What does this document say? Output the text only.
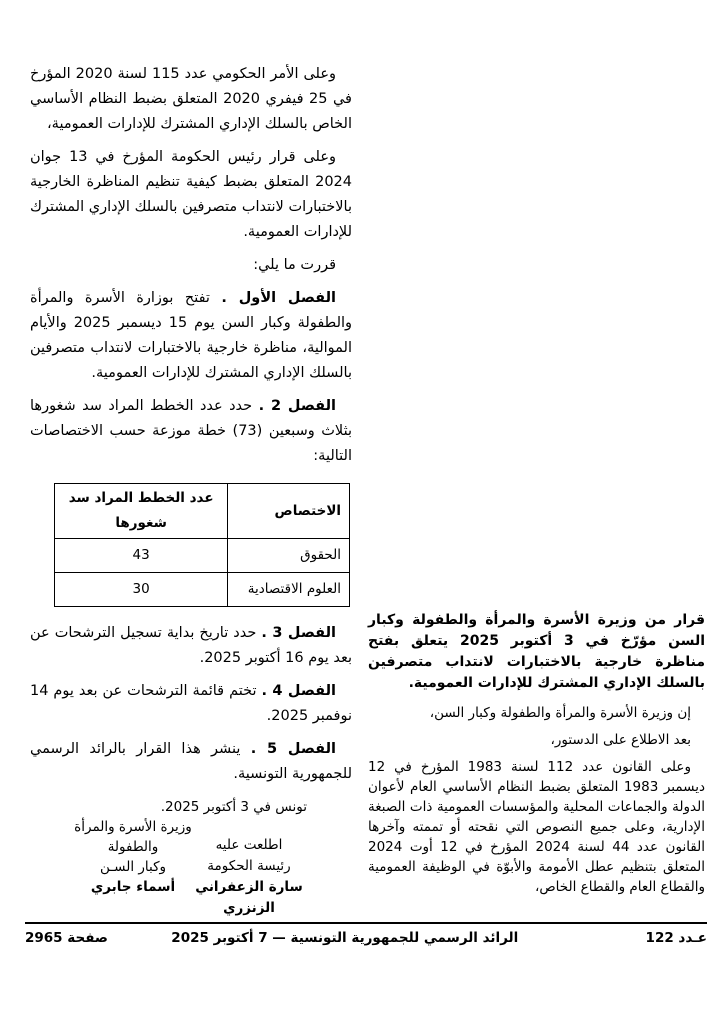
وعلى الأمر الحكومي عدد 115 لسنة 2020 المؤرخ في 25 فيفري 2020 المتعلق بضبط النظام الأساسي الخاص بالسلك الإداري المشترك للإدارات العمومية،

وعلى قرار رئيس الحكومة المؤرخ في 13 جوان 2024 المتعلق بضبط كيفية تنظيم المناظرة الخارجية بالاختبارات لانتداب متصرفين بالسلك الإداري المشترك للإدارات العمومية.

قررت ما يلي:

الفصل الأول . تفتح بوزارة الأسرة والمرأة والطفولة وكبار السن يوم 15 ديسمبر 2025 والأيام الموالية، مناظرة خارجية بالاختبارات لانتداب متصرفين بالسلك الإداري المشترك للإدارات العمومية.

الفصل 2 . حدد عدد الخطط المراد سد شغورها بثلاث وسبعين (73) خطة موزعة حسب الاختصاصات التالية:

الاختصاص	عدد الخطط المراد سد شغورها
الحقوق	43
العلوم الاقتصادية	30

الفصل 3 . حدد تاريخ بداية تسجيل الترشحات عن بعد يوم 16 أكتوبر 2025.

الفصل 4 . تختم قائمة الترشحات عن بعد يوم 14 نوفمبر 2025.

الفصل 5 . ينشر هذا القرار بالرائد الرسمي للجمهورية التونسية.

تونس في 3 أكتوبر 2025.
وزيرة الأسرة والمرأة والطفولة
وكبار السـن
أسماء جابري
اطلعت عليه
رئيسة الحكومة
سارة الزعفراني الزنزري

قرار من وزيرة الأسرة والمرأة والطفولة وكبار السن مؤرّخ في 3 أكتوبر 2025 يتعلق بفتح مناظرة خارجية بالاختبارات لانتداب متصرفين بالسلك الإداري المشترك للإدارات العمومية.

إن وزيرة الأسرة والمرأة والطفولة وكبار السن،

بعد الاطلاع على الدستور،

وعلى القانون عدد 112 لسنة 1983 المؤرخ في 12 ديسمبر 1983 المتعلق بضبط النظام الأساسي العام لأعوان الدولة والجماعات المحلية والمؤسسات العمومية ذات الصبغة الإدارية، وعلى جميع النصوص التي نقحته أو تممته وآخرها القانون عدد 44 لسنة 2024 المؤرخ في 12 أوت 2024 المتعلق بتنظيم عطل الأمومة والأبوّة في الوظيفة العمومية والقطاع العام والقطاع الخاص،

عـدد 122
الرائد الرسمي للجمهورية التونسية — 7 أكتوبر 2025
صفحة 2965
